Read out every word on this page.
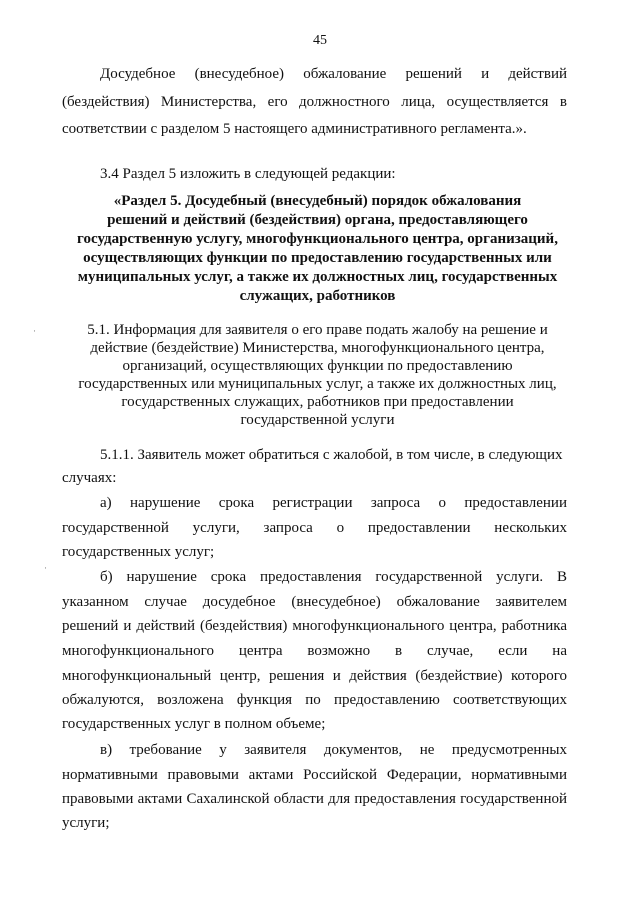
45
Досудебное (внесудебное) обжалование решений и действий
(бездействия) Министерства, его должностного лица, осуществляется в
соответствии с разделом 5 настоящего административного регламента.».
3.4 Раздел 5 изложить в следующей редакции:
«Раздел 5. Досудебный (внесудебный) порядок обжалования
решений и действий (бездействия) органа, предоставляющего
государственную услугу, многофункционального центра, организаций,
осуществляющих функции по предоставлению государственных или
муниципальных услуг, а также их должностных лиц, государственных
служащих, работников
5.1. Информация для заявителя о его праве подать жалобу на решение и
действие (бездействие) Министерства, многофункционального центра,
организаций, осуществляющих функции по предоставлению
государственных или муниципальных услуг, а также их должностных лиц,
государственных служащих, работников при предоставлении
государственной услуги
5.1.1. Заявитель может обратиться с жалобой, в том числе, в следующих
случаях:
а) нарушение срока регистрации запроса о предоставлении
государственной услуги, запроса о предоставлении нескольких
государственных услуг;
б) нарушение срока предоставления государственной услуги. В
указанном случае досудебное (внесудебное) обжалование заявителем
решений и действий (бездействия) многофункционального центра, работника
многофункционального центра возможно в случае, если на
многофункциональный центр, решения и действия (бездействие) которого
обжалуются, возложена функция по предоставлению соответствующих
государственных услуг в полном объеме;
в) требование у заявителя документов, не предусмотренных
нормативными правовыми актами Российской Федерации, нормативными
правовыми актами Сахалинской области для предоставления государственной
услуги;
·
·
